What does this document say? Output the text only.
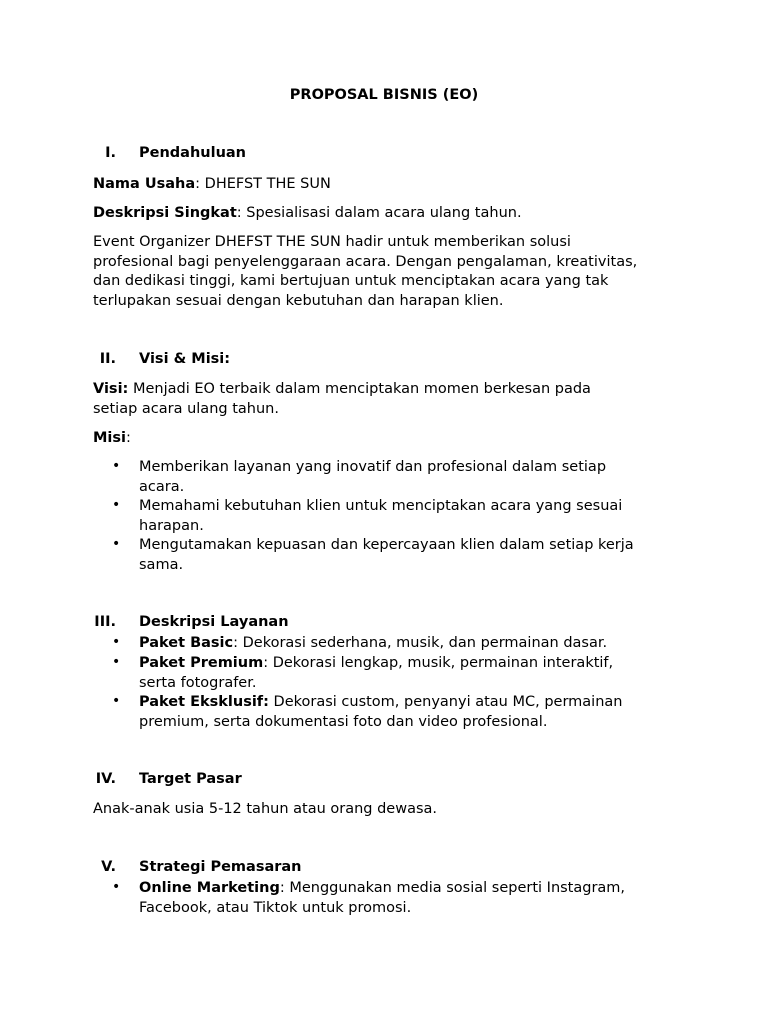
PROPOSAL BISNIS (EO)
I. Pendahuluan
Nama Usaha: DHEFST THE SUN
Deskripsi Singkat: Spesialisasi dalam acara ulang tahun.
Event Organizer DHEFST THE SUN hadir untuk memberikan solusi
profesional bagi penyelenggaraan acara. Dengan pengalaman, kreativitas,
dan dedikasi tinggi, kami bertujuan untuk menciptakan acara yang tak
terlupakan sesuai dengan kebutuhan dan harapan klien.
II. Visi & Misi:
Visi: Menjadi EO terbaik dalam menciptakan momen berkesan pada
setiap acara ulang tahun.
Misi:
• Memberikan layanan yang inovatif dan profesional dalam setiap
acara.
• Memahami kebutuhan klien untuk menciptakan acara yang sesuai
harapan.
• Mengutamakan kepuasan dan kepercayaan klien dalam setiap kerja
sama.
III. Deskripsi Layanan
• Paket Basic: Dekorasi sederhana, musik, dan permainan dasar.
• Paket Premium: Dekorasi lengkap, musik, permainan interaktif,
serta fotografer.
• Paket Eksklusif: Dekorasi custom, penyanyi atau MC, permainan
premium, serta dokumentasi foto dan video profesional.
IV. Target Pasar
Anak-anak usia 5-12 tahun atau orang dewasa.
V. Strategi Pemasaran
• Online Marketing: Menggunakan media sosial seperti Instagram,
Facebook, atau Tiktok untuk promosi.
